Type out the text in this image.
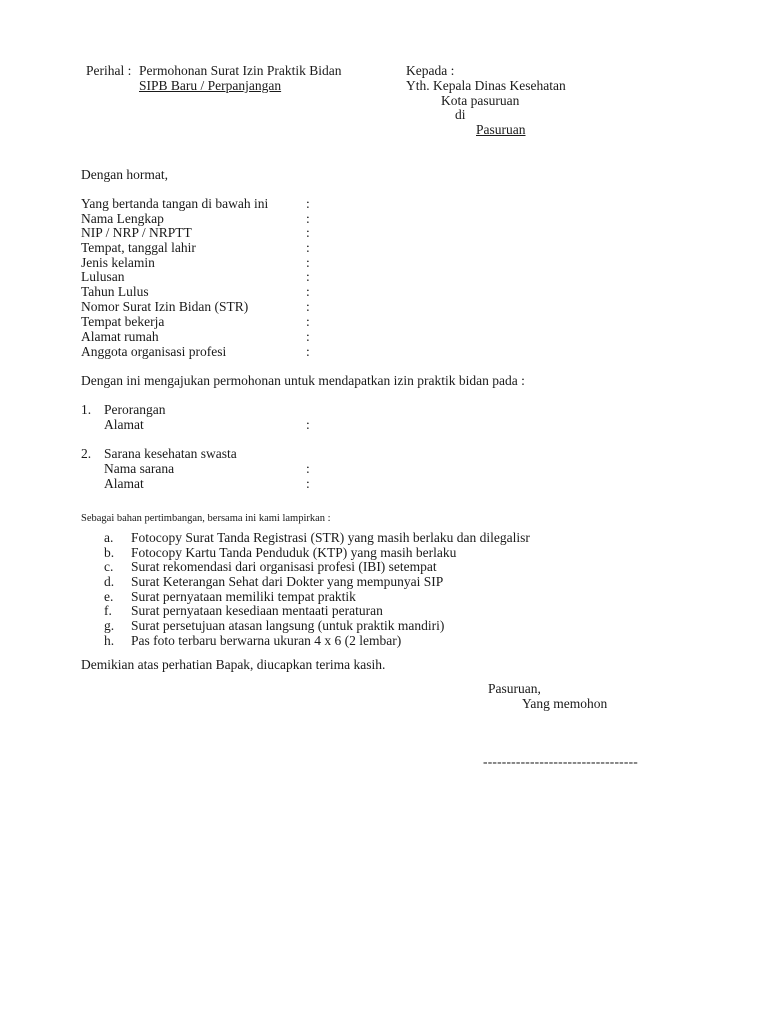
Perihal : Permohonan Surat Izin Praktik Bidan
SIPB Baru / Perpanjangan
Kepada :
Yth. Kepala Dinas Kesehatan
Kota pasuruan
di
Pasuruan
Dengan hormat,
Yang bertanda tangan di bawah ini	:
Nama Lengkap	:
NIP / NRP / NRPTT	:
Tempat, tanggal lahir	:
Jenis kelamin	:
Lulusan	:
Tahun Lulus	:
Nomor Surat Izin Bidan (STR)	:
Tempat bekerja	:
Alamat rumah	:
Anggota organisasi profesi	:
Dengan ini mengajukan permohonan untuk mendapatkan izin praktik bidan pada :
1. Perorangan
Alamat	:
2. Sarana kesehatan swasta
Nama sarana	:
Alamat	:
Sebagai bahan pertimbangan, bersama ini kami lampirkan :
a. Fotocopy Surat Tanda Registrasi (STR) yang masih berlaku dan dilegalisr
b. Fotocopy Kartu Tanda Penduduk (KTP) yang masih berlaku
c. Surat rekomendasi dari organisasi profesi (IBI) setempat
d. Surat Keterangan Sehat dari Dokter yang mempunyai SIP
e. Surat pernyataan memiliki tempat praktik
f. Surat pernyataan kesediaan mentaati peraturan
g. Surat persetujuan atasan langsung (untuk praktik mandiri)
h. Pas foto terbaru berwarna ukuran 4 x 6 (2 lembar)
Demikian atas perhatian Bapak, diucapkan terima kasih.
Pasuruan,
Yang memohon
---------------------------------
